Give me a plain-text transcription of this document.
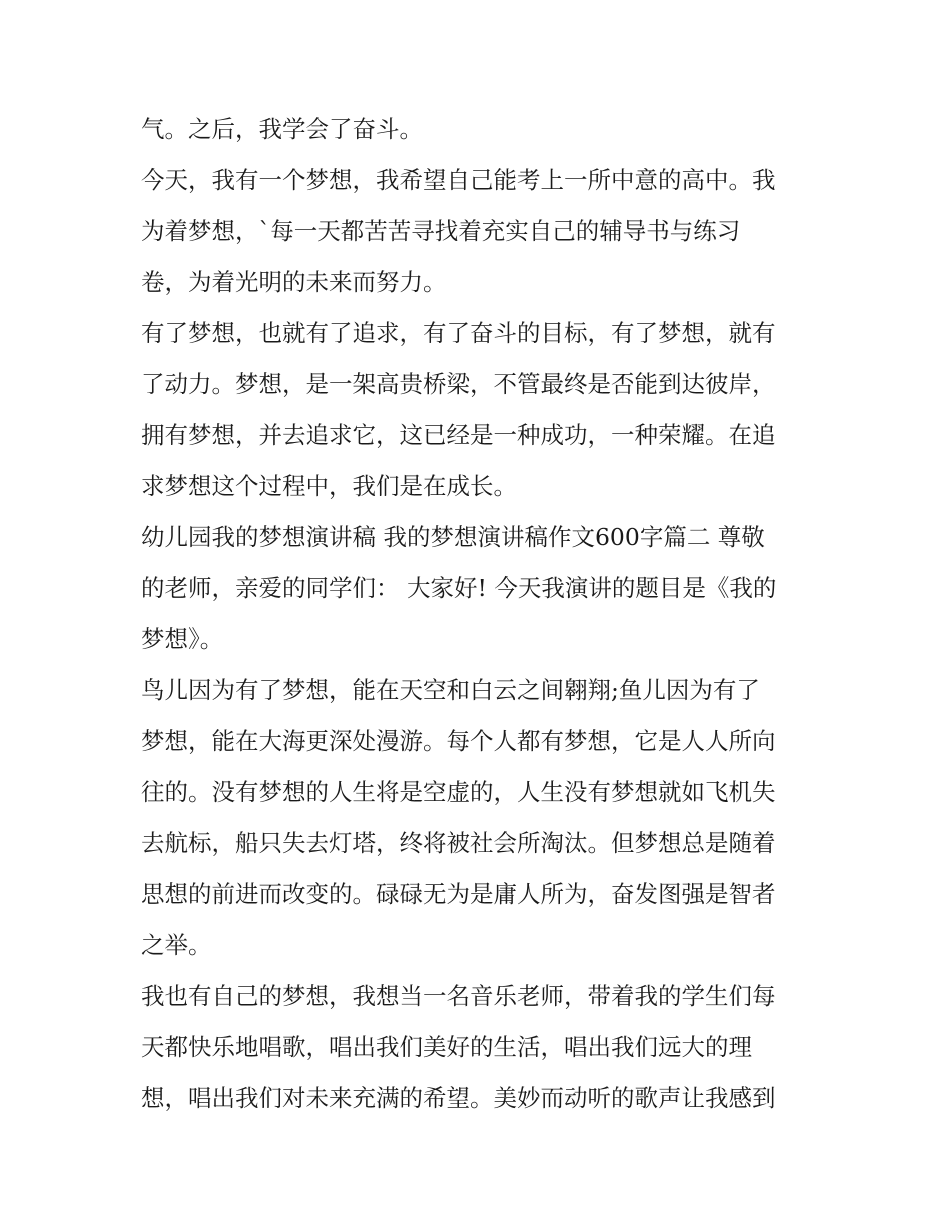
气。之后，我学会了奋斗。
今天，我有一个梦想，我希望自己能考上一所中意的高中。我
为着梦想，`每一天都苦苦寻找着充实自己的辅导书与练习
卷，为着光明的未来而努力。
有了梦想，也就有了追求，有了奋斗的目标，有了梦想，就有
了动力。梦想，是一架高贵桥梁，不管最终是否能到达彼岸，
拥有梦想，并去追求它，这已经是一种成功，一种荣耀。在追
求梦想这个过程中，我们是在成长。
幼儿园我的梦想演讲稿 我的梦想演讲稿作文600字篇二 尊敬
的老师，亲爱的同学们： 大家好! 今天我演讲的题目是《我的
梦想》。
鸟儿因为有了梦想，能在天空和白云之间翱翔;鱼儿因为有了
梦想，能在大海更深处漫游。每个人都有梦想，它是人人所向
往的。没有梦想的人生将是空虚的，人生没有梦想就如飞机失
去航标，船只失去灯塔，终将被社会所淘汰。但梦想总是随着
思想的前进而改变的。碌碌无为是庸人所为，奋发图强是智者
之举。
我也有自己的梦想，我想当一名音乐老师，带着我的学生们每
天都快乐地唱歌，唱出我们美好的生活，唱出我们远大的理
想，唱出我们对未来充满的希望。美妙而动听的歌声让我感到
